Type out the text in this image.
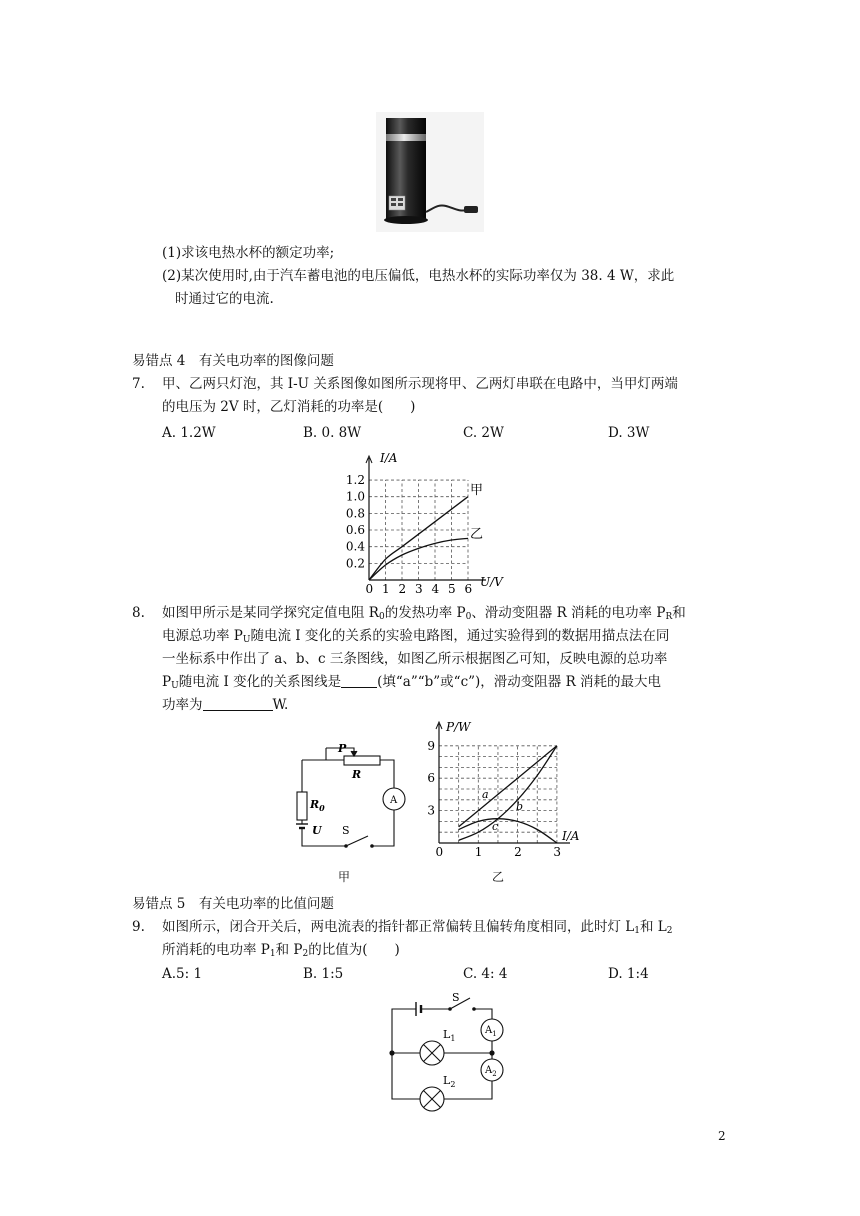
(1)求该电热水杯的额定功率;
(2)某次使用时,由于汽车蓄电池的电压偏低，电热水杯的实际功率仅为 38. 4 W，求此
时通过它的电流.
易错点 4　有关电功率的图像问题
7. 甲、乙两只灯泡，其 I-U 关系图像如图所示现将甲、乙两灯串联在电路中，当甲灯两端
的电压为 2V 时，乙灯消耗的功率是(　　)
A. 1.2W	B. 0. 8W	C. 2W	D. 3W
0 1 2 3 4 5 6
0.2
0.4
0.6
0.8
1.0
1.2
I/A
U/V
甲
乙
8. 如图甲所示是某同学探究定值电阻 $R_0$的发热功率 $P_0$、滑动变阻器 R 消耗的电功率 $P_R$和
电源总功率 $P_U$随电流 I 变化的关系的实验电路图，通过实验得到的数据用描点法在同
一坐标系中作出了 a、b、c 三条图线，如图乙所示根据图乙可知，反映电源的总功率
$P_U$随电流 I 变化的关系图线是	(填“a”“b”或“c”)，滑动变阻器 R 消耗的最大电
功率为	W.
P
R
$R_0$
U S
A
甲
0	1	2	3
3
6
9
P/W
I/A
a
b
c
乙
易错点 5　有关电功率的比值问题
9. 如图所示，闭合开关后，两电流表的指针都正常偏转且偏转角度相同，此时灯 $L_1$和 $L_2$
所消耗的电功率 $P_1$和 $P_2$的比值为(　　)
A.5: 1	B. 1:5	C. 4: 4	D. 1:4
S
$L_1$
$L_2$
$A_1$
$A_2$
2
